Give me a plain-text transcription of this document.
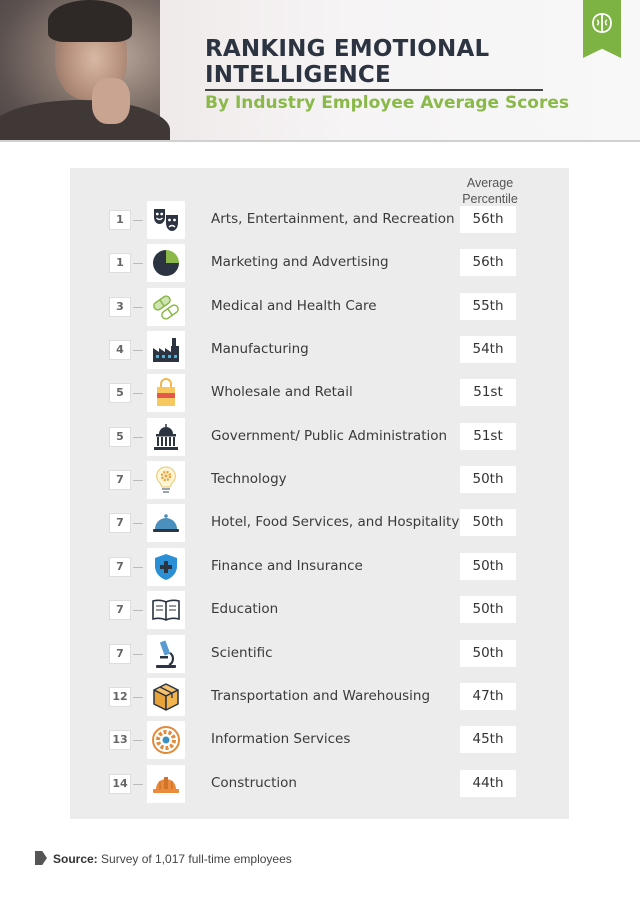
RANKING EMOTIONAL
INTELLIGENCE
By Industry Employee Average Scores
Average
Percentile
1	Arts, Entertainment, and Recreation	56th
1	Marketing and Advertising	56th
3	Medical and Health Care	55th
4	Manufacturing	54th
5	Wholesale and Retail	51st
5	Government/ Public Administration	51st
7	Technology	50th
7	Hotel, Food Services, and Hospitality 50th
7	Finance and Insurance	50th
7	Education	50th
7	Scientific	50th
12	Transportation and Warehousing	47th
13	Information Services	45th
14	Construction	44th
Source: Survey of 1,017 full-time employees
